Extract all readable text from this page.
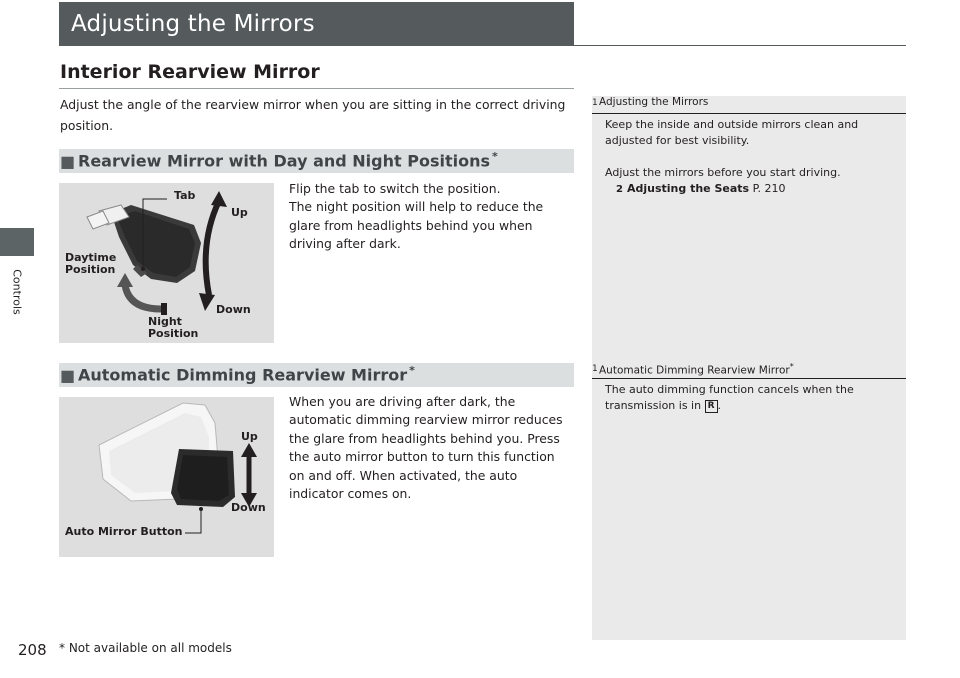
Controls
Adjusting the Mirrors
Interior Rearview Mirror
Adjust the angle of the rearview mirror when you are sitting in the correct driving position.
■ Rearview Mirror with Day and Night Positions *
Tab
Up
Daytime
Position
Down
Night
Position
Flip the tab to switch the position.
The night position will help to reduce the glare from headlights behind you when driving after dark.
■ Automatic Dimming Rearview Mirror *
Up
Down
Auto Mirror Button
When you are driving after dark, the automatic dimming rearview mirror reduces the glare from headlights behind you. Press the auto mirror button to turn this function on and off. When activated, the auto indicator comes on.
1 Adjusting the Mirrors
Keep the inside and outside mirrors clean and adjusted for best visibility.
Adjust the mirrors before you start driving.
2 Adjusting the Seats P. 210
1 Automatic Dimming Rearview Mirror*
The auto dimming function cancels when the transmission is in R .
208 * Not available on all models
